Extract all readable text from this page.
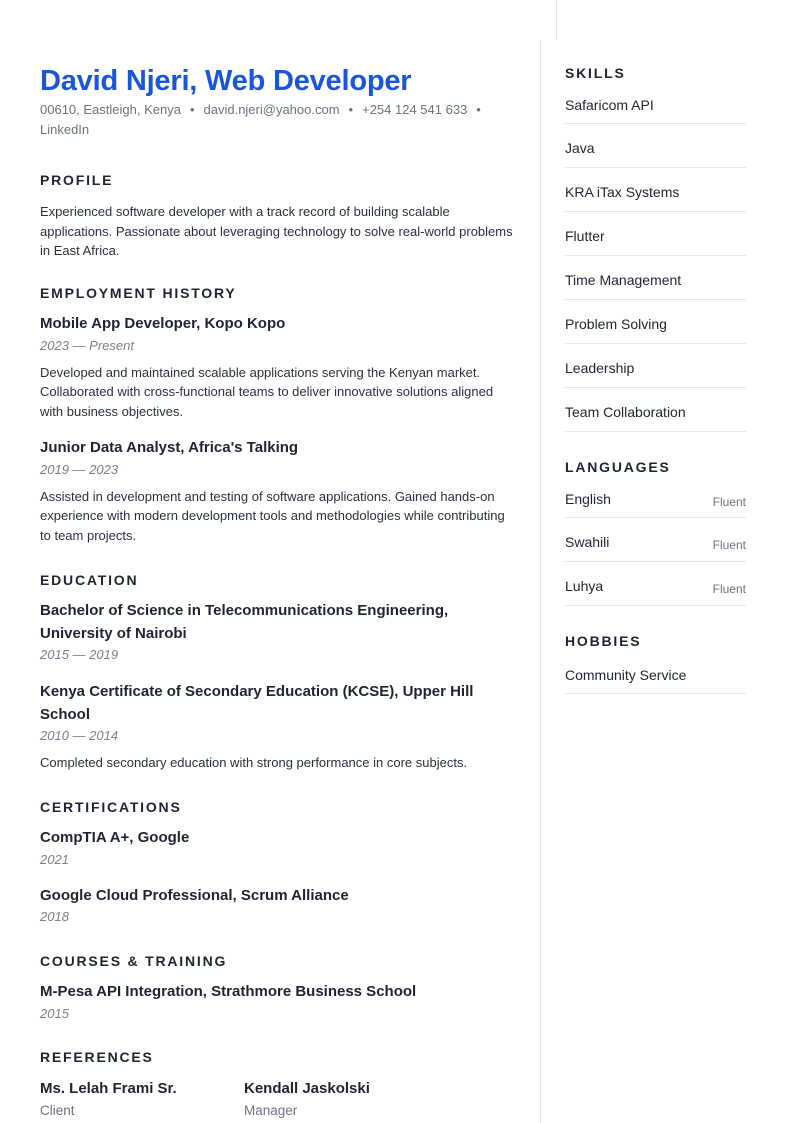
David Njeri, Web Developer
00610, Eastleigh, Kenya • david.njeri@yahoo.com • +254 124 541 633 •
LinkedIn
PROFILE
Experienced software developer with a track record of building scalable applications. Passionate about leveraging technology to solve real-world problems in East Africa.
EMPLOYMENT HISTORY
Mobile App Developer, Kopo Kopo
2023 — Present
Developed and maintained scalable applications serving the Kenyan market. Collaborated with cross-functional teams to deliver innovative solutions aligned with business objectives.
Junior Data Analyst, Africa's Talking
2019 — 2023
Assisted in development and testing of software applications. Gained hands-on experience with modern development tools and methodologies while contributing to team projects.
EDUCATION
Bachelor of Science in Telecommunications Engineering, University of Nairobi
2015 — 2019
Kenya Certificate of Secondary Education (KCSE), Upper Hill School
2010 — 2014
Completed secondary education with strong performance in core subjects.
CERTIFICATIONS
CompTIA A+, Google
2021
Google Cloud Professional, Scrum Alliance
2018
COURSES & TRAINING
M-Pesa API Integration, Strathmore Business School
2015
REFERENCES
Ms. Lelah Frami Sr.
Client
Kendall Jaskolski
Manager
SKILLS
Safaricom API
Java
KRA iTax Systems
Flutter
Time Management
Problem Solving
Leadership
Team Collaboration
LANGUAGES
English	Fluent
Swahili	Fluent
Luhya	Fluent
HOBBIES
Community Service
